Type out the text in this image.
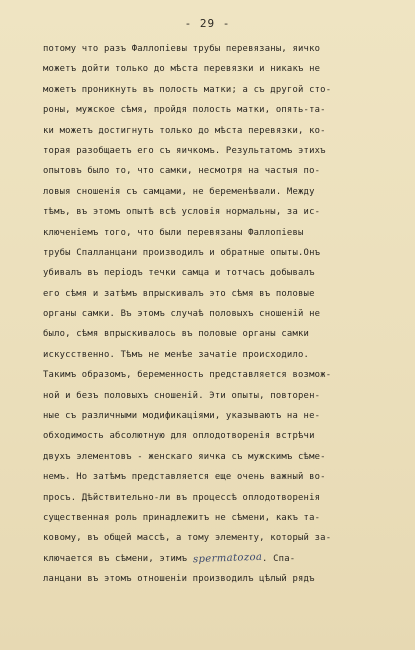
- 29 -
потому что разъ Фаллопіевы трубы перевязаны, яичко
можетъ дойти только до мѣста перевязки и никакъ не
можетъ проникнуть въ полость матки; а съ другой сто-
роны, мужское сѣмя, пройдя полость матки, опять-та-
ки можетъ достигнуть только до мѣста перевязки, ко-
торая разобщаетъ его съ яичкомъ. Результатомъ этихъ
опытовъ было то, что самки, несмотря на частыя по-
ловыя сношенія съ самцами, не беременѣвали. Между
тѣмъ, въ этомъ опытѣ всѣ условія нормальны, за ис-
ключеніемъ того, что были перевязаны Фаллопіевы
трубы Спалланцани производилъ и обратные опыты.Онъ
убивалъ въ періодъ течки самца и тотчасъ добывалъ
его сѣмя и затѣмъ впрыскивалъ это сѣмя въ половые
органы самки. Въ этомъ случаѣ половыхъ сношеній не
было, сѣмя впрыскивалось въ половые органы самки
искусственно. Тѣмъ не менѣе зачатіе происходило.
Такимъ образомъ, беременность представляется возмож-
ной и безъ половыхъ сношеній. Эти опыты, повторен-
ные съ различными модификаціями, указываютъ на не-
обходимость абсолютную для оплодотворенія встрѣчи
двухъ элементовъ - женскаго яичка съ мужскимъ сѣме-
немъ. Но затѣмъ представляется еще очень важный во-
просъ. Дѣйствительно-ли въ процессѣ оплодотворенія
существенная роль принадлежитъ не сѣмени, какъ та-
ковому, въ общей массѣ, а тому элементу, который за-
ключается въ сѣмени, этимъ spermatozoa. Спа-
ланцани въ этомъ отношеніи производилъ цѣлый рядъ
